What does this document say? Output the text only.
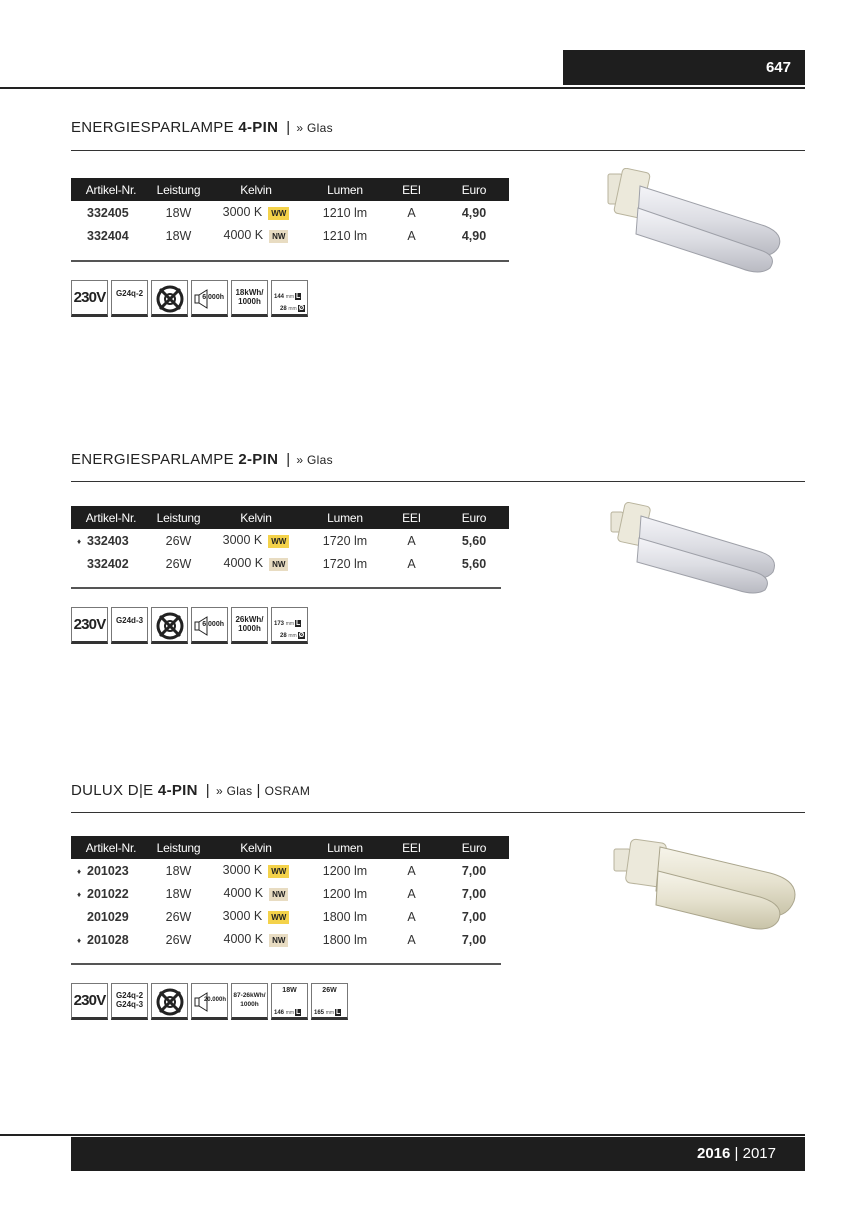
647
ENERGIESPARLAMPE 4-PIN | » Glas
Artikel-Nr.	Leistung	Kelvin	Lumen	EEI	Euro
332405	18W	3000 K WW	1210 lm	A	4,90
332404	18W	4000 K NW	1210 lm	A	4,90
230V	G24q-2	6.000h
18kWh/
1000h	144 mm L
28 mm Ø
ENERGIESPARLAMPE 2-PIN | » Glas
Artikel-Nr.	Leistung	Kelvin	Lumen	EEI	Euro
♦ 332403	26W	3000 K WW	1720 lm	A	5,60
332402	26W	4000 K NW	1720 lm	A	5,60
230V	G24d-3	6.000h
26kWh/
1000h	173 mm L
28 mm Ø
DULUX D|E 4-PIN | » Glas | OSRAM
Artikel-Nr.	Leistung	Kelvin	Lumen	EEI	Euro
♦ 201023	18W	3000 K WW	1200 lm	A	7,00
♦ 201022	18W	4000 K NW	1200 lm	A	7,00
201029	26W	3000 K WW	1800 lm	A	7,00
♦ 201028	26W	4000 K NW	1800 lm	A	7,00
230V	G24q-2
G24q-3	20.000h
87-26kWh/
1000h
18W
146 mm L
26W
165 mm L
2016 | 2017
